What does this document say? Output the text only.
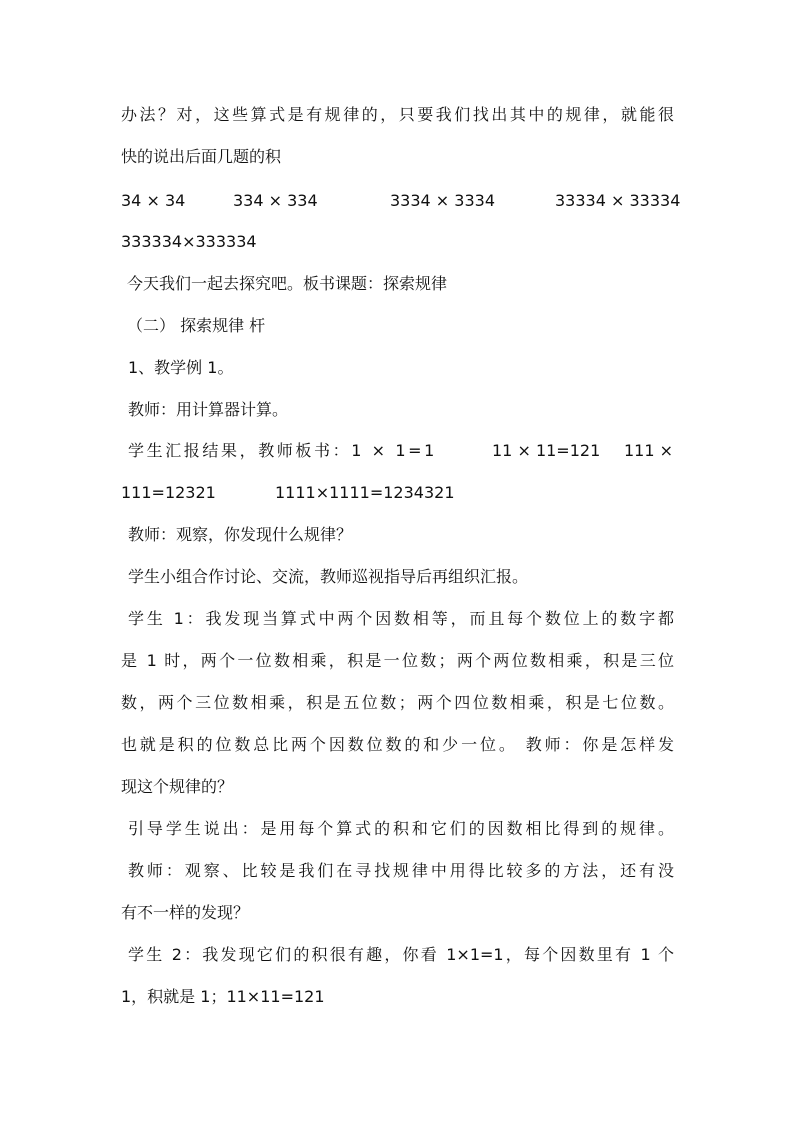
办法？对，这些算式是有规律的，只要我们找出其中的规律，就能很
快的说出后面几题的积
34 × 34	334 × 334	3334 × 3334	33334 × 33334
333334×333334
今天我们一起去探究吧。板书课题：探索规律
（二） 探索规律 杆
1、教学例 1。
教师：用计算器计算。
学生汇报结果，教师板书：1 × 1=1	11 × 11=121 111 ×
111=12321	1111×1111=1234321
教师：观察，你发现什么规律？
学生小组合作讨论、交流，教师巡视指导后再组织汇报。
学生 1：我发现当算式中两个因数相等，而且每个数位上的数字都
是 1 时，两个一位数相乘，积是一位数；两个两位数相乘，积是三位
数，两个三位数相乘，积是五位数；两个四位数相乘，积是七位数。
也就是积的位数总比两个因数位数的和少一位。 教师：你是怎样发
现这个规律的？
引导学生说出：是用每个算式的积和它们的因数相比得到的规律。
教师：观察、比较是我们在寻找规律中用得比较多的方法，还有没
有不一样的发现？
学生 2：我发现它们的积很有趣，你看 1×1=1，每个因数里有 1 个
1，积就是 1；11×11=121
